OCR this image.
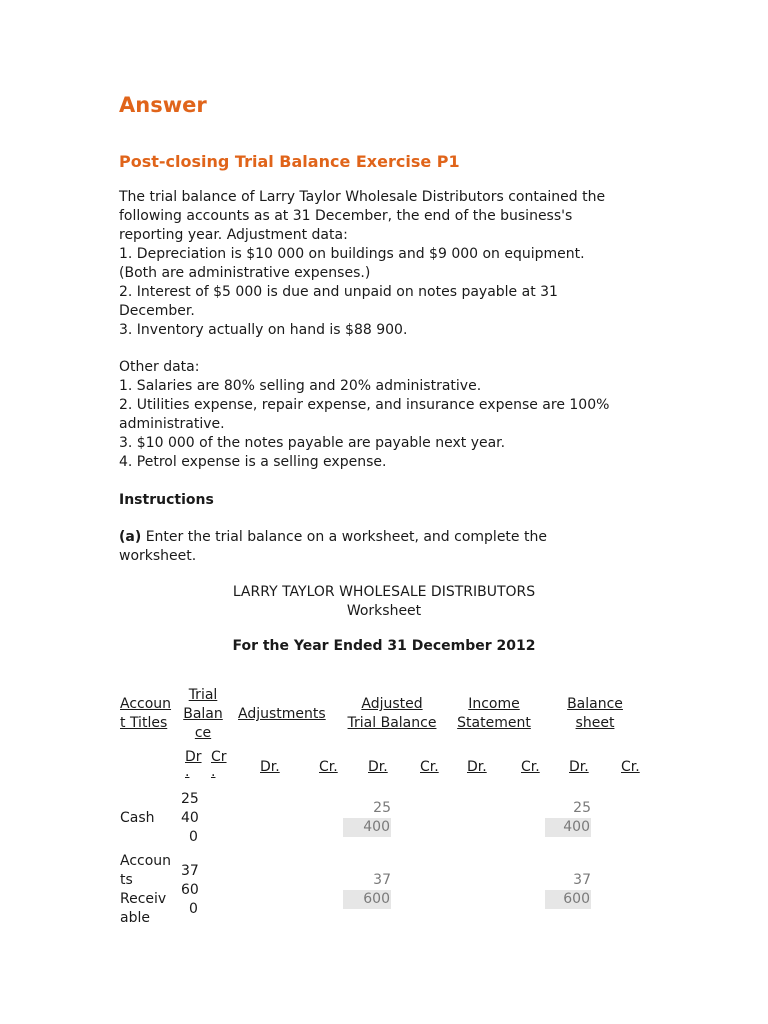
Answer
Post-closing Trial Balance Exercise P1

The trial balance of Larry Taylor Wholesale Distributors contained the
following accounts as at 31 December, the end of the business's
reporting year. Adjustment data:
1. Depreciation is $10 000 on buildings and $9 000 on equipment.
(Both are administrative expenses.)
2. Interest of $5 000 is due and unpaid on notes payable at 31
December.
3. Inventory actually on hand is $88 900.

Other data:
1. Salaries are 80% selling and 20% administrative.
2. Utilities expense, repair expense, and insurance expense are 100%
administrative.
3. $10 000 of the notes payable are payable next year.
4. Petrol expense is a selling expense.

Instructions

(a) Enter the trial balance on a worksheet, and complete the
worksheet.

LARRY TAYLOR WHOLESALE DISTRIBUTORS
Worksheet
For the Year Ended 31 December 2012
Accoun
t Titles
Trial
Balan
ce
Adjustments
Adjusted
Trial Balance
Income
Statement
Balance
sheet
Dr
.
Cr
.	Dr.	Cr. Dr. Cr. Dr. Cr. Dr. Cr.
Cash
25
40
0
25
400
25
400
Accoun
ts
Receiv
able
37
60
0
37
600
37
600
